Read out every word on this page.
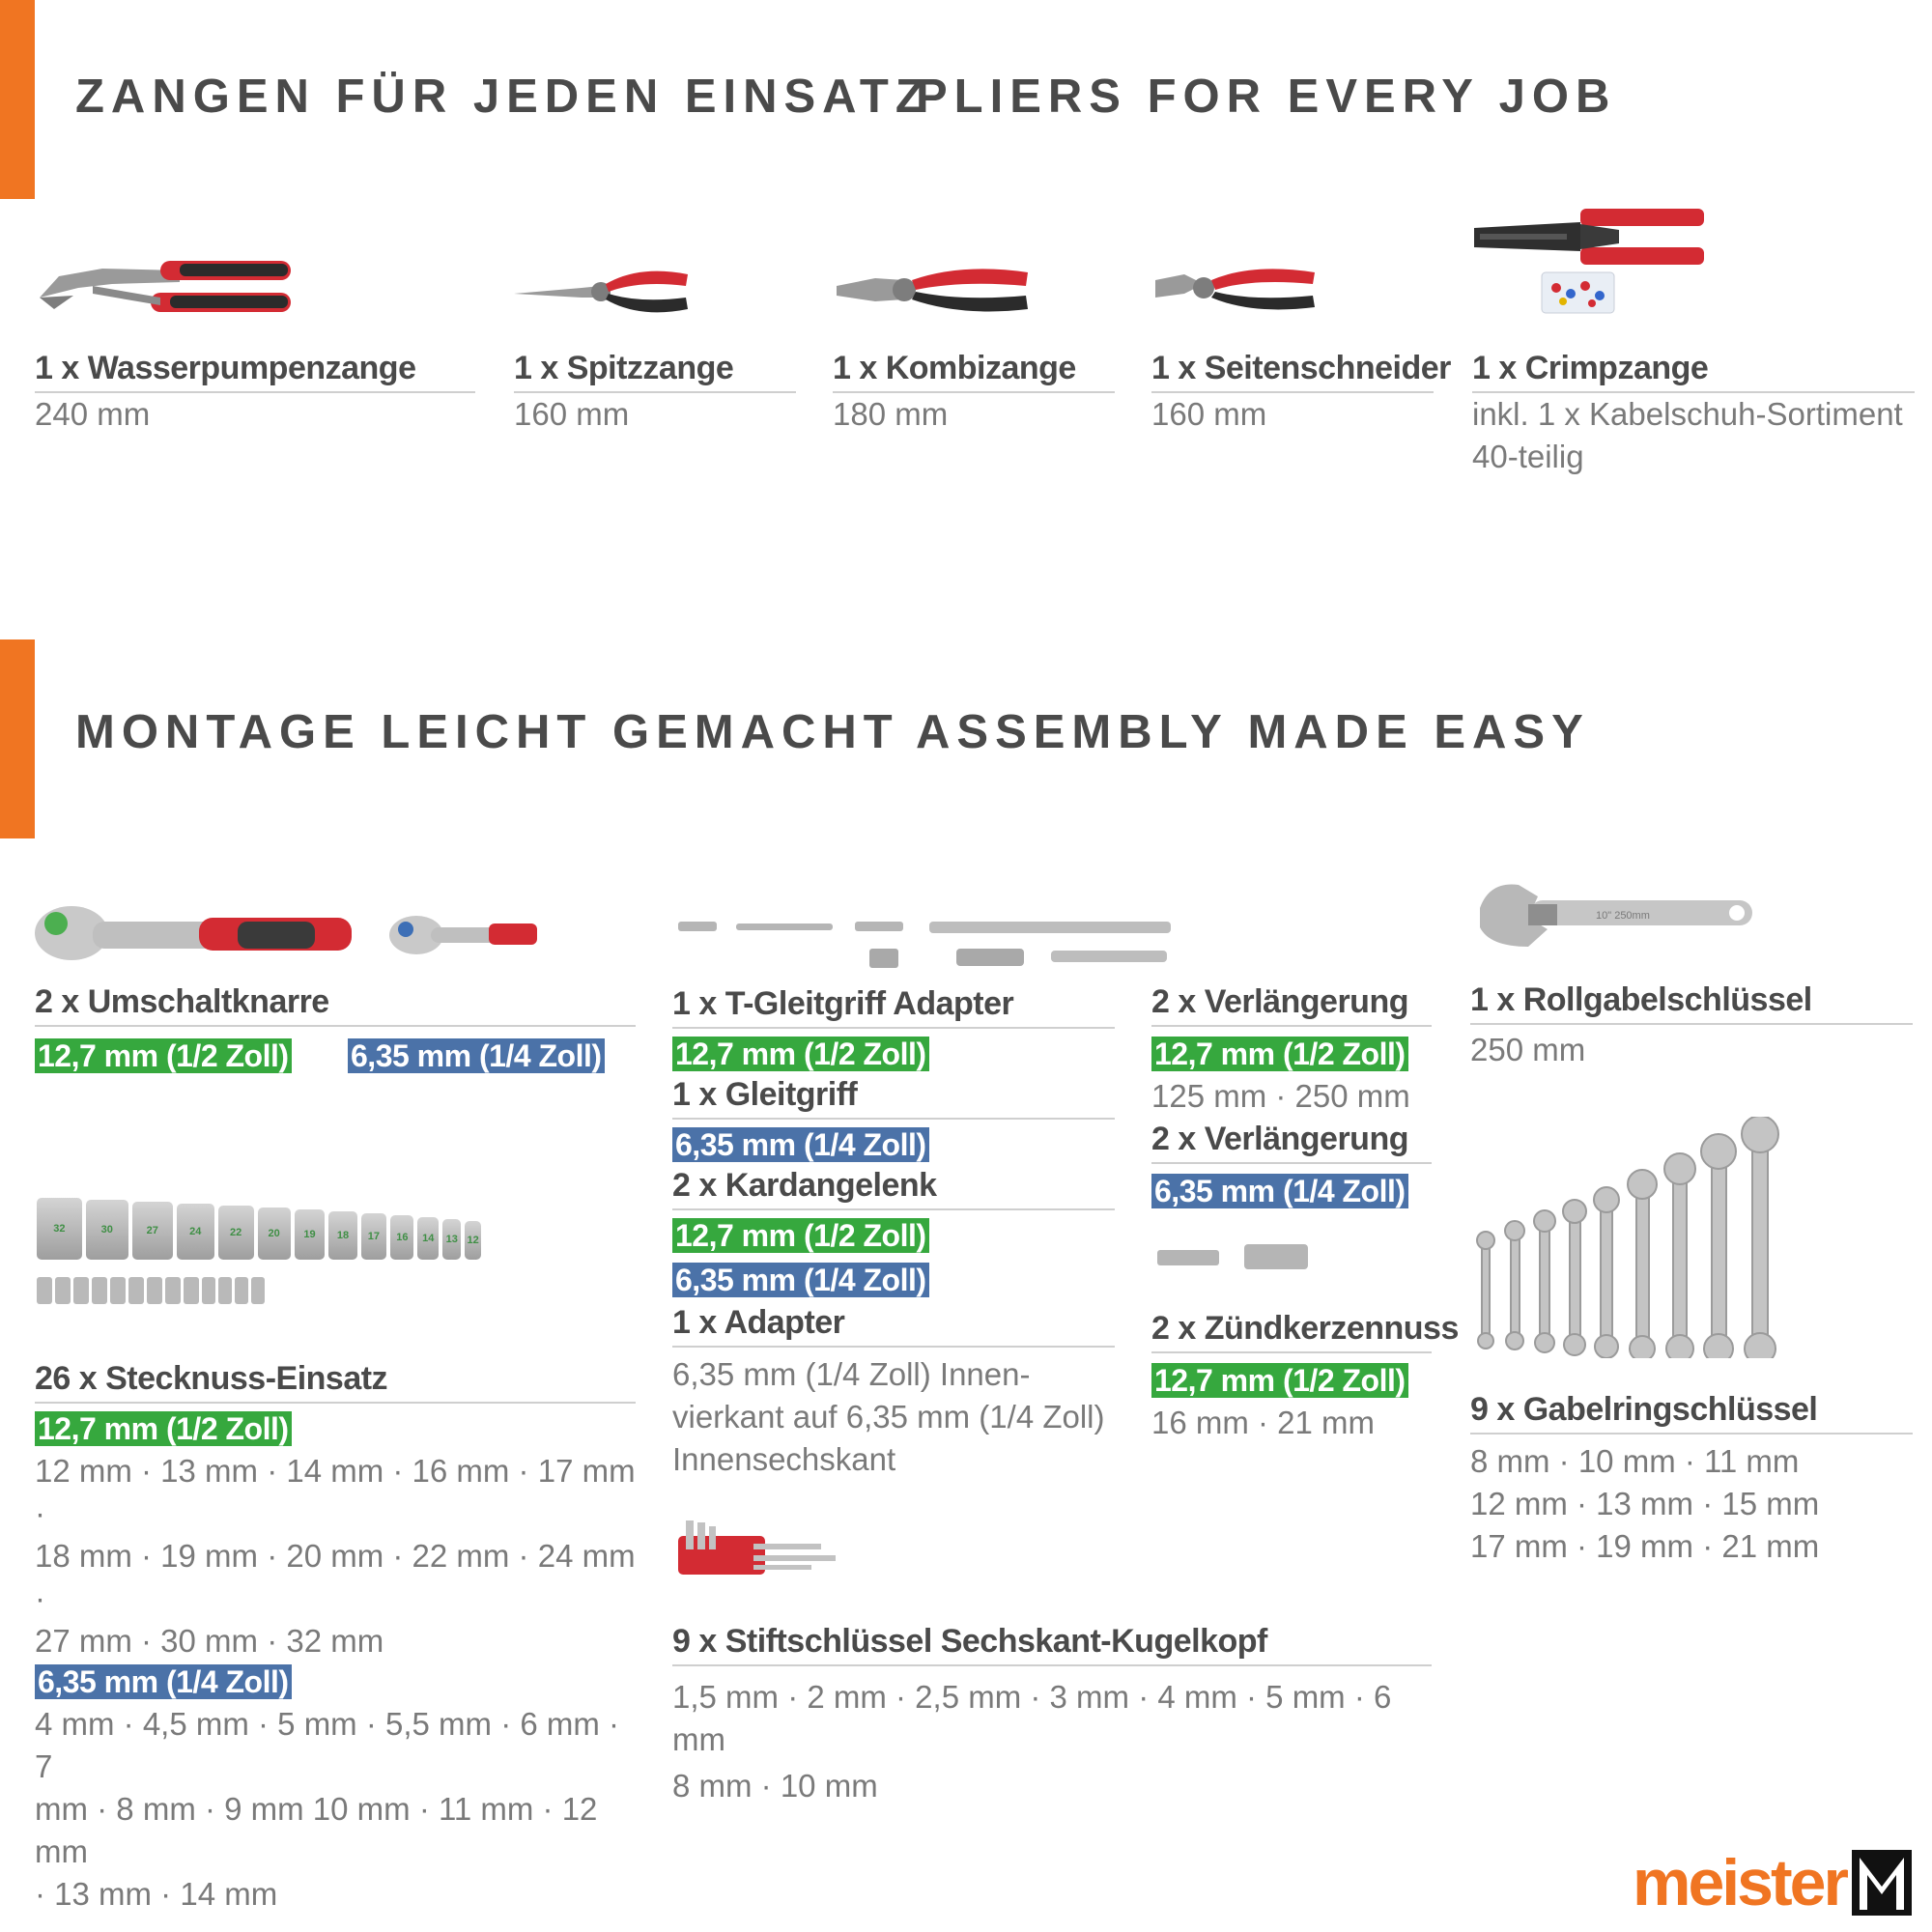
ZANGEN FÜR JEDEN EINSATZ
PLIERS FOR EVERY JOB
MONTAGE LEICHT GEMACHT ASSEMBLY MADE EASY
1 x Wasserpumpenzange
240 mm
1 x Spitzzange
160 mm
1 x Kombizange
180 mm
1 x Seitenschneider
160 mm
1 x Crimpzange
inkl. 1 x Kabelschuh-Sortiment
40-teilig
2 x Umschaltknarre
12,7 mm (1/2 Zoll) 6,35 mm (1/4 Zoll)
32	30	27	24	22 20 19 18 17 16 14 13 12
26 x Stecknuss-Einsatz
12,7 mm (1/2 Zoll)
12 mm · 13 mm · 14 mm · 16 mm · 17 mm ·
18 mm · 19 mm · 20 mm · 22 mm · 24 mm ·
27 mm · 30 mm · 32 mm
6,35 mm (1/4 Zoll)
4 mm · 4,5 mm · 5 mm · 5,5 mm · 6 mm · 7
mm · 8 mm · 9 mm 10 mm · 11 mm · 12 mm
· 13 mm · 14 mm
1 x T-Gleitgriff Adapter
12,7 mm (1/2 Zoll)
1 x Gleitgriff
6,35 mm (1/4 Zoll)
2 x Kardangelenk
12,7 mm (1/2 Zoll)
6,35 mm (1/4 Zoll)
1 x Adapter
6,35 mm (1/4 Zoll) Innen-
vierkant auf 6,35 mm (1/4 Zoll)
Innensechskant
9 x Stiftschlüssel Sechskant-Kugelkopf
1,5 mm · 2 mm · 2,5 mm · 3 mm · 4 mm · 5 mm · 6 mm
8 mm · 10 mm
2 x Verlängerung
12,7 mm (1/2 Zoll)
125 mm · 250 mm
2 x Verlängerung
6,35 mm (1/4 Zoll)
2 x Zündkerzennuss
12,7 mm (1/2 Zoll)
16 mm · 21 mm
10" 250mm
1 x Rollgabelschlüssel
250 mm
9 x Gabelringschlüssel
8 mm · 10 mm · 11 mm
12 mm · 13 mm · 15 mm
17 mm · 19 mm · 21 mm
meister
